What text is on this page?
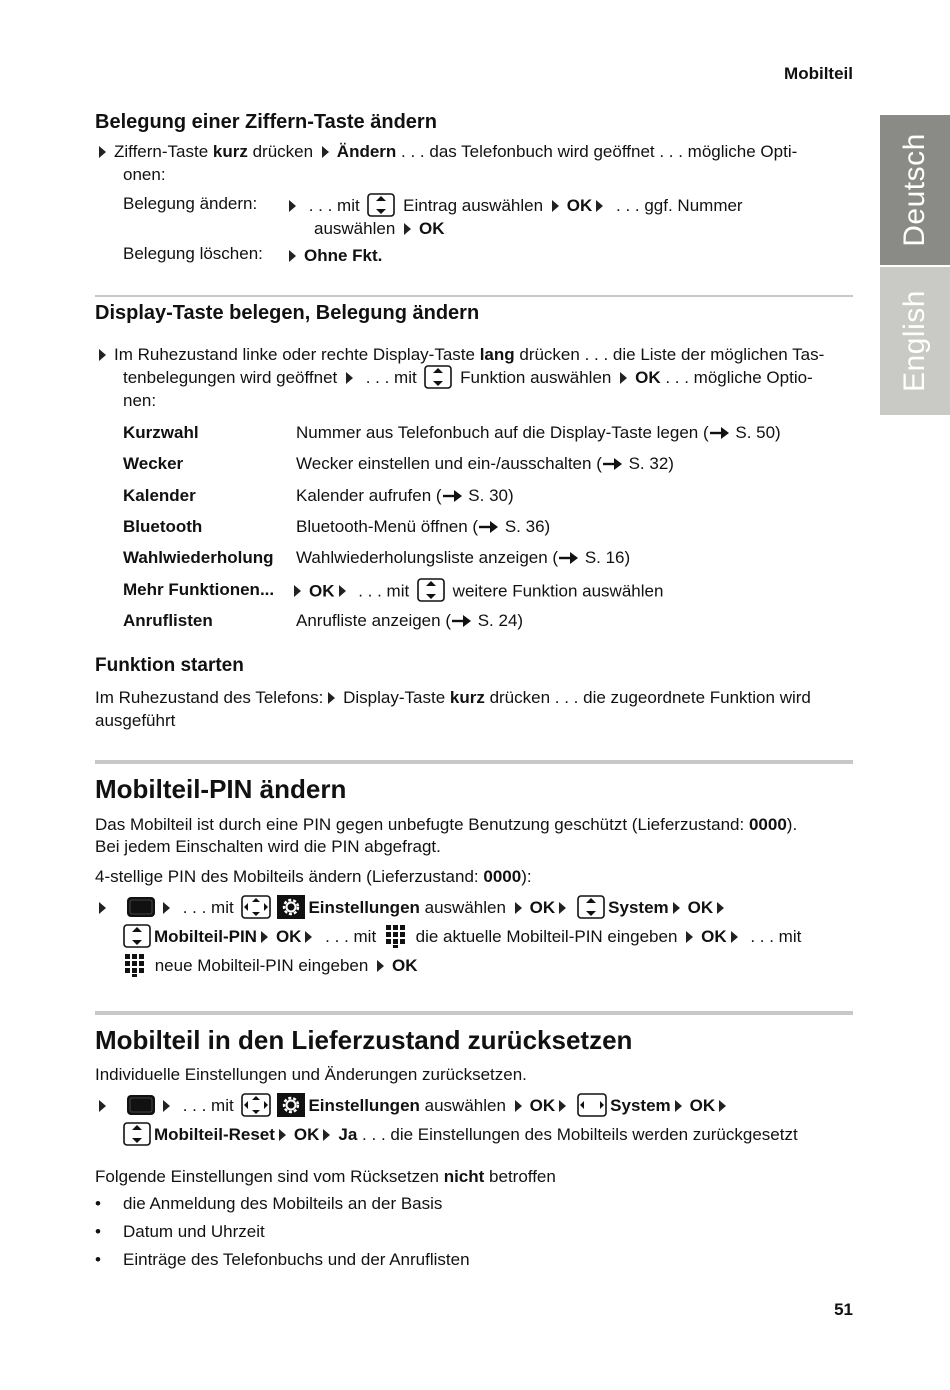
Mobilteil
Deutsch
English
Belegung einer Ziffern-Taste ändern
Ziffern-Taste kurz drücken Ändern . . . das Telefonbuch wird geöffnet . . . mögliche Opti-
onen:
Belegung ändern:	. . . mit  Eintrag auswählen OK . . . ggf. Nummer
auswählen OK
Belegung löschen:	Ohne Fkt.
Display-Taste belegen, Belegung ändern
Im Ruhezustand linke oder rechte Display-Taste lang drücken . . . die Liste der möglichen Tas-
tenbelegungen wird geöffnet  . . . mit  Funktion auswählen OK . . . mögliche Optio-
nen:
Kurzwahl	Nummer aus Telefonbuch auf die Display-Taste legen ( S. 50)
Wecker	Wecker einstellen und ein-/ausschalten ( S. 32)
Kalender	Kalender aufrufen ( S. 30)
Bluetooth	Bluetooth-Menü öffnen ( S. 36)
Wahlwiederholung Wahlwiederholungsliste anzeigen ( S. 16)
Mehr Funktionen...	OK . . . mit  weitere Funktion auswählen
Anruflisten	Anrufliste anzeigen ( S. 24)
Funktion starten
Im Ruhezustand des Telefons: Display-Taste kurz drücken . . . die zugeordnete Funktion wird
ausgeführt
Mobilteil-PIN ändern
Das Mobilteil ist durch eine PIN gegen unbefugte Benutzung geschützt (Lieferzustand: 0000).
Bei jedem Einschalten wird die PIN abgefragt.
4-stellige PIN des Mobilteils ändern (Lieferzustand: 0000):
. . . mit	Einstellungen auswählen OK	System OK
Mobilteil-PIN OK . . . mit  die aktuelle Mobilteil-PIN eingeben OK . . . mit
neue Mobilteil-PIN eingeben OK
Mobilteil in den Lieferzustand zurücksetzen
Individuelle Einstellungen und Änderungen zurücksetzen.
. . . mit	Einstellungen auswählen OK	System OK
Mobilteil-Reset OK Ja . . . die Einstellungen des Mobilteils werden zurückgesetzt
Folgende Einstellungen sind vom Rücksetzen nicht betroffen
• die Anmeldung des Mobilteils an der Basis
• Datum und Uhrzeit
• Einträge des Telefonbuchs und der Anruflisten
51
